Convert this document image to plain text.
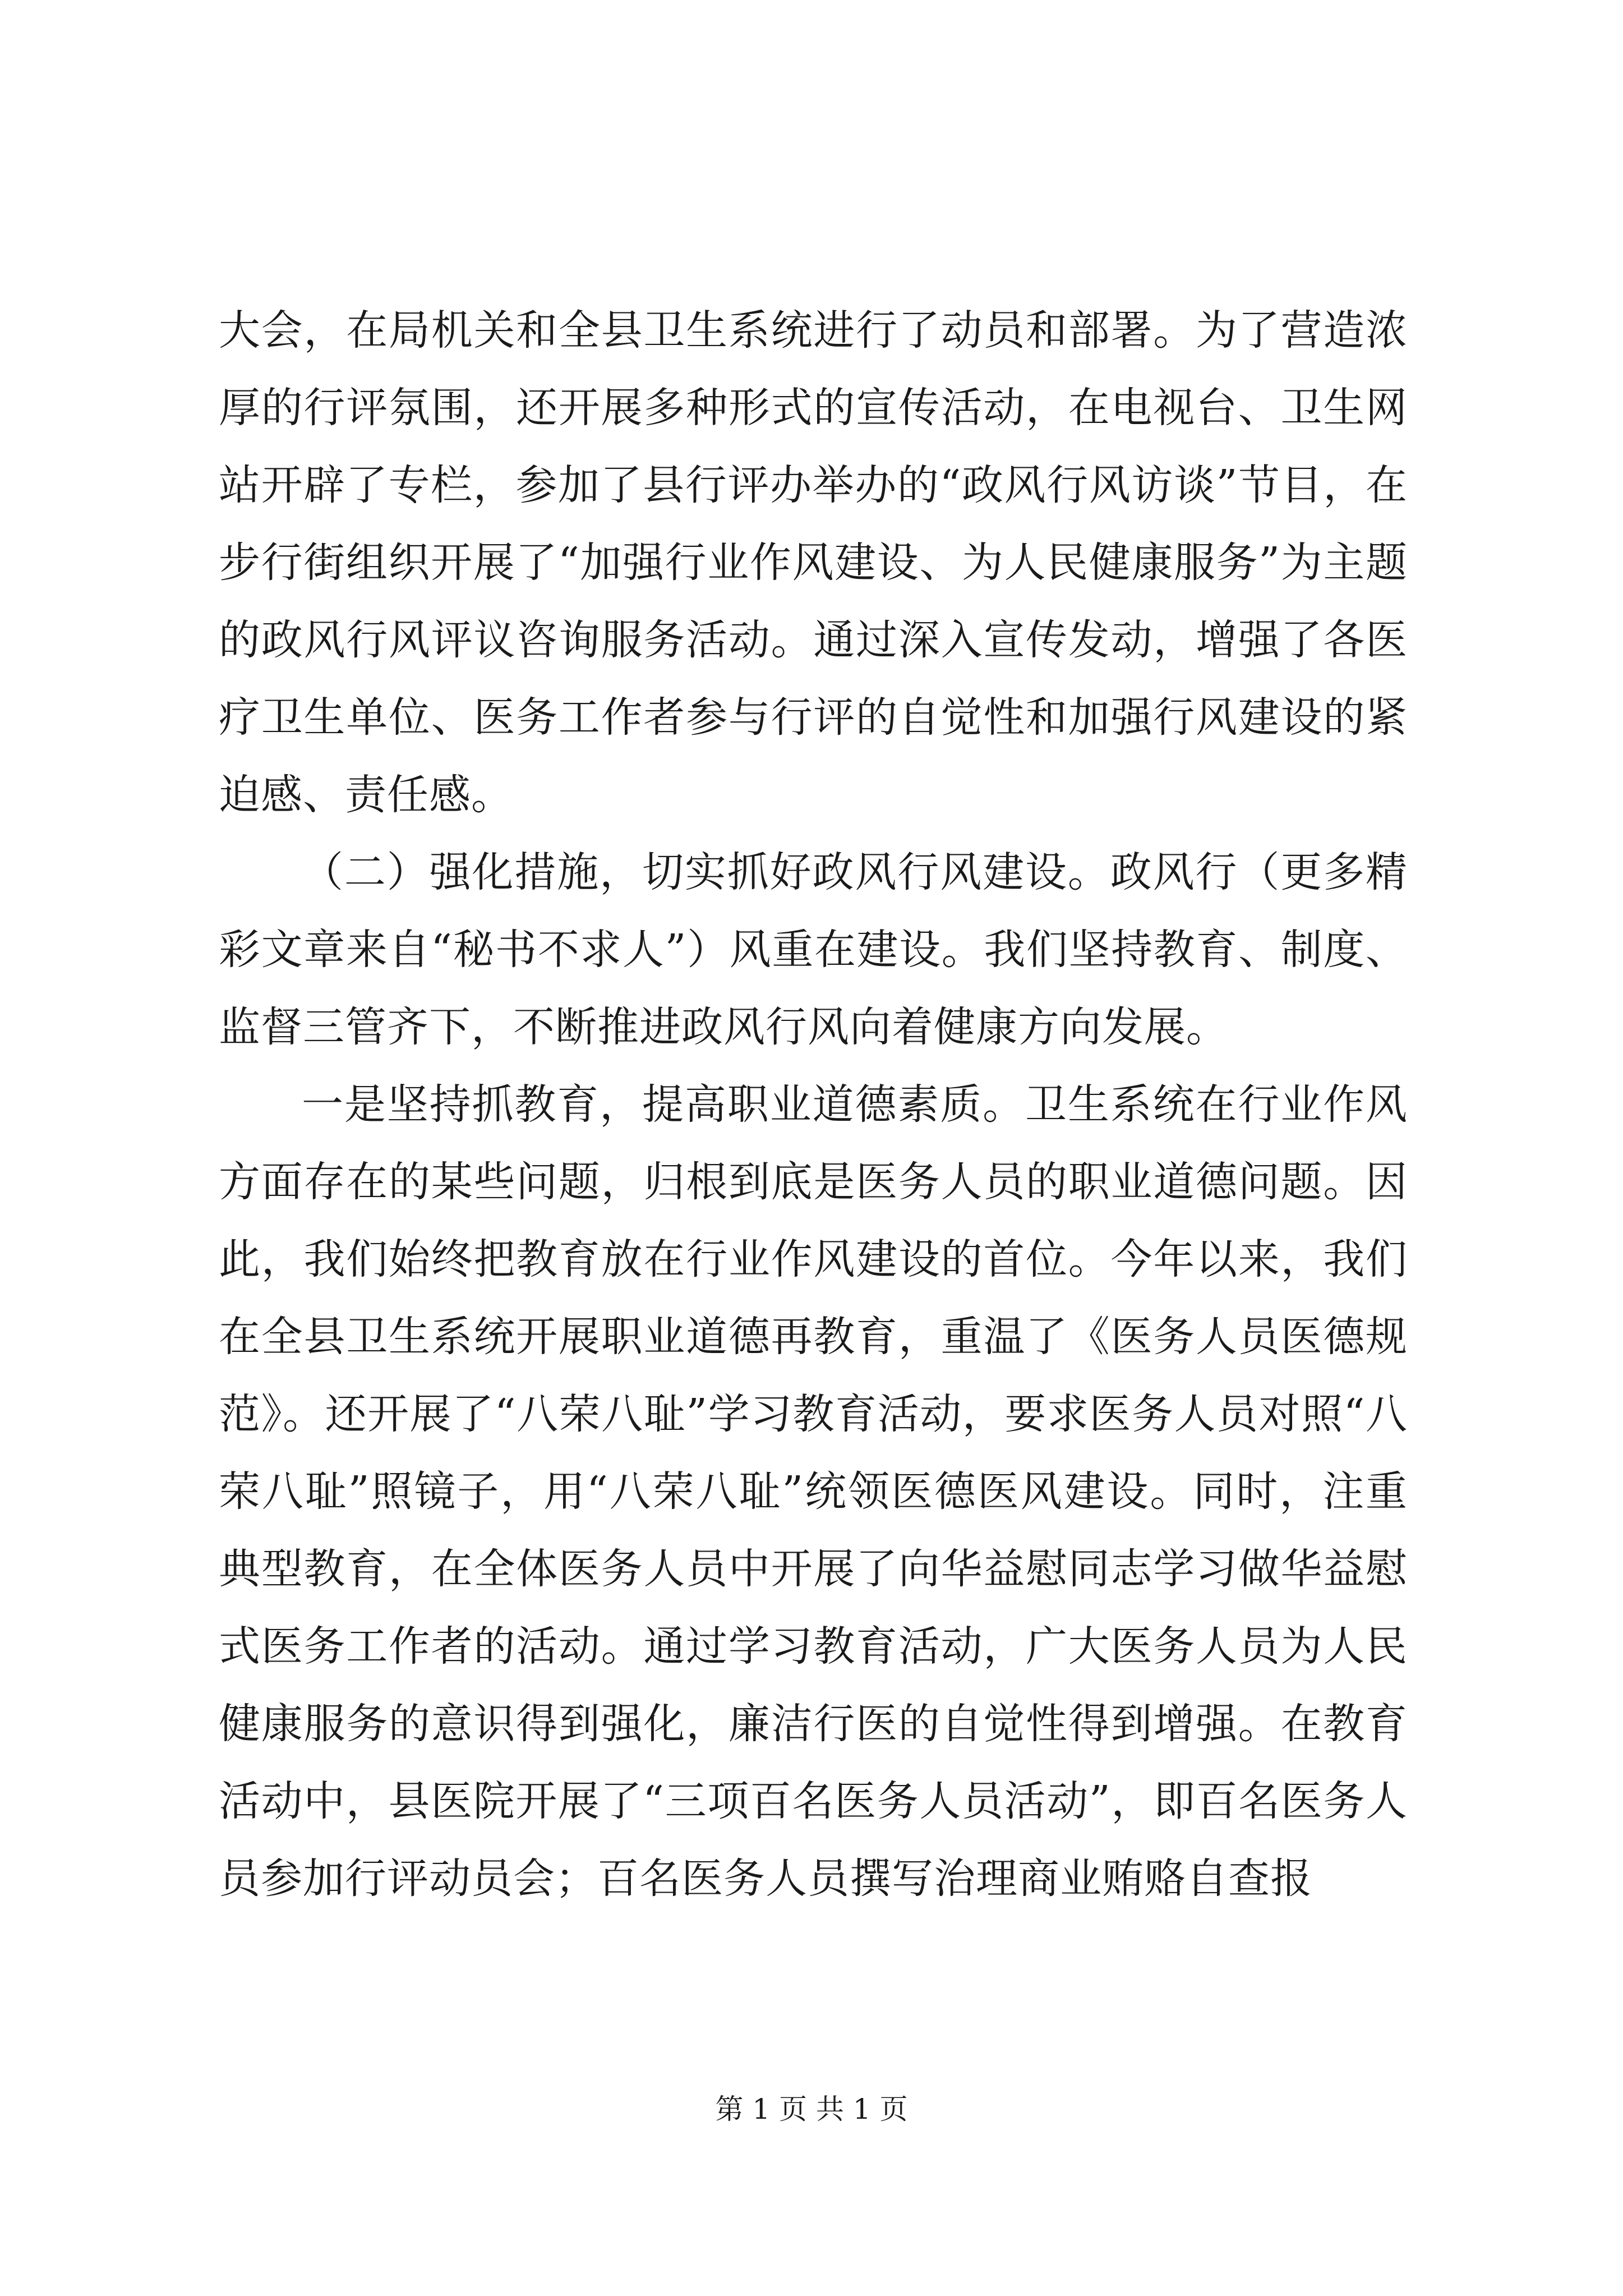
大会，在局机关和全县卫生系统进行了动员和部署。为了营造浓厚的行评氛围，还开展多种形式的宣传活动，在电视台、卫生网站开辟了专栏，参加了县行评办举办的“政风行风访谈”节目，在步行街组织开展了“加强行业作风建设、为人民健康服务”为主题的政风行风评议咨询服务活动。通过深入宣传发动，增强了各医疗卫生单位、医务工作者参与行评的自觉性和加强行风建设的紧迫感、责任感。

（二）强化措施，切实抓好政风行风建设。政风行（更多精彩文章来自“秘书不求人”）风重在建设。我们坚持教育、制度、监督三管齐下，不断推进政风行风向着健康方向发展。

一是坚持抓教育，提高职业道德素质。卫生系统在行业作风方面存在的某些问题，归根到底是医务人员的职业道德问题。因此，我们始终把教育放在行业作风建设的首位。今年以来，我们在全县卫生系统开展职业道德再教育，重温了《医务人员医德规范》。还开展了“八荣八耻”学习教育活动，要求医务人员对照“八荣八耻”照镜子，用“八荣八耻”统领医德医风建设。同时，注重典型教育，在全体医务人员中开展了向华益慰同志学习做华益慰式医务工作者的活动。通过学习教育活动，广大医务人员为人民健康服务的意识得到强化，廉洁行医的自觉性得到增强。在教育活动中，县医院开展了“三项百名医务人员活动”，即百名医务人员参加行评动员会；百名医务人员撰写治理商业贿赂自查报

第 1 页 共 1 页
